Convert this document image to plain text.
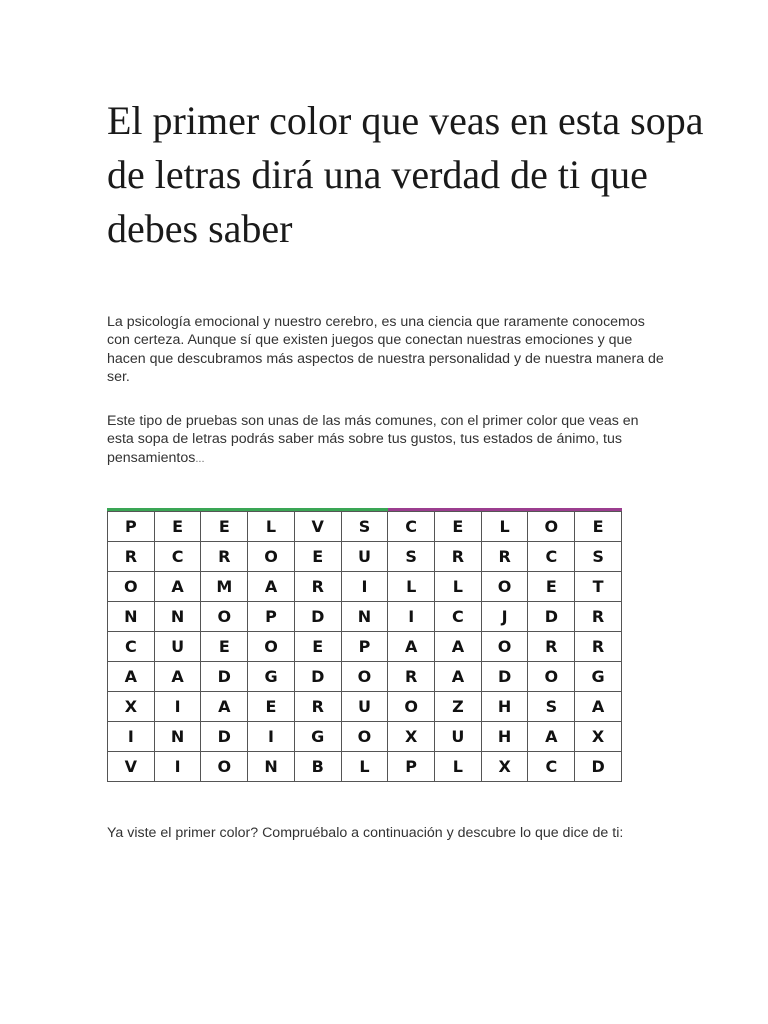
El primer color que veas en esta sopa de letras dirá una verdad de ti que debes saber

La psicología emocional y nuestro cerebro, es una ciencia que raramente conocemos con certeza. Aunque sí que existen juegos que conectan nuestras emociones y que hacen que descubramos más aspectos de nuestra personalidad y de nuestra manera de ser.

Este tipo de pruebas son unas de las más comunes, con el primer color que veas en esta sopa de letras podrás saber más sobre tus gustos, tus estados de ánimo, tus pensamientos...

P	E	E	L	V	S	C	E	L	O	E
R	C	R	O	E	U	S	R	R	C	S
O	A	M	A	R	I	L	L	O	E	T
N	N	O	P	D	N	I	C	J	D	R
C	U	E	O	E	P	A	A	O	R	R
A	A	D	G	D	O	R	A	D	O	G
X	I	A	E	R	U	O	Z	H	S	A
I	N	D	I	G	O	X	U	H	A	X
V	I	O	N	B	L	P	L	X	C	D

Ya viste el primer color? Compruébalo a continuación y descubre lo que dice de ti:
